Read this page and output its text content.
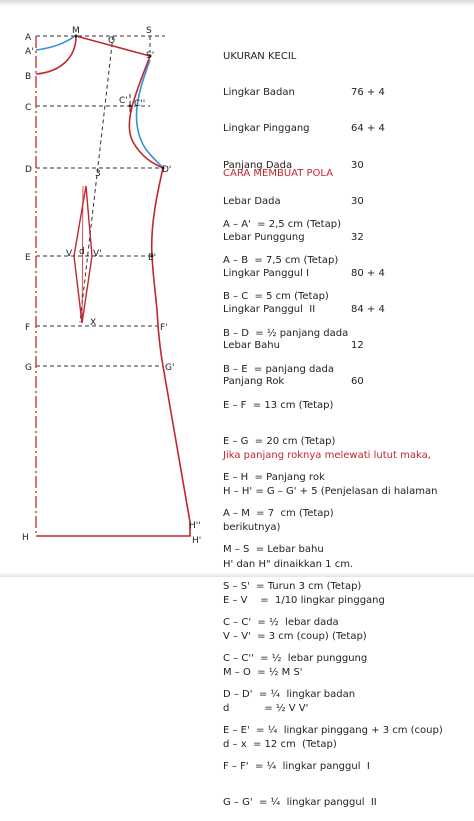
A
A'
M
O
S
S'
B
C
C' C''
D	D'
3
E	V d V'	E'
F	X	F'
G	G'
H
H''
H'

UKURAN KECIL

Lingkar Badan	76 + 4

Lingkar Pinggang	64 + 4

Panjang Dada	30

Lebar Dada	30

Lebar Punggung	32

Lingkar Panggul I	80 + 4

Lingkar Panggul  II	84 + 4

Lebar Bahu	12

Panjang Rok	60

CARA MEMBUAT POLA

A – A'  = 2,5 cm (Tetap)

A – B  = 7,5 cm (Tetap)

B – C  = 5 cm (Tetap)

B – D  = ½ panjang dada

B – E  = panjang dada

E – F  = 13 cm (Tetap)

E – G  = 20 cm (Tetap)

E – H  = Panjang rok

A – M  = 7  cm (Tetap)

M – S  = Lebar bahu

S – S'  = Turun 3 cm (Tetap)

C – C'  = ½  lebar dada

C – C''  = ½  lebar punggung

D – D'  = ¼  lingkar badan

E – E'  = ¼  lingkar pinggang + 3 cm (coup)

F – F'  = ¼  lingkar panggul  I

G – G'  = ¼  lingkar panggul  II

Jika panjang roknya melewati lutut maka,

H – H' = G – G' + 5 (Penjelasan di halaman

berikutnya)

H' dan H" dinaikkan 1 cm.

E – V    =  1/10 lingkar pinggang

V – V'  = 3 cm (coup) (Tetap)

M – O  = ½ M S'

d           = ½ V V'

d – x  = 12 cm  (Tetap)
